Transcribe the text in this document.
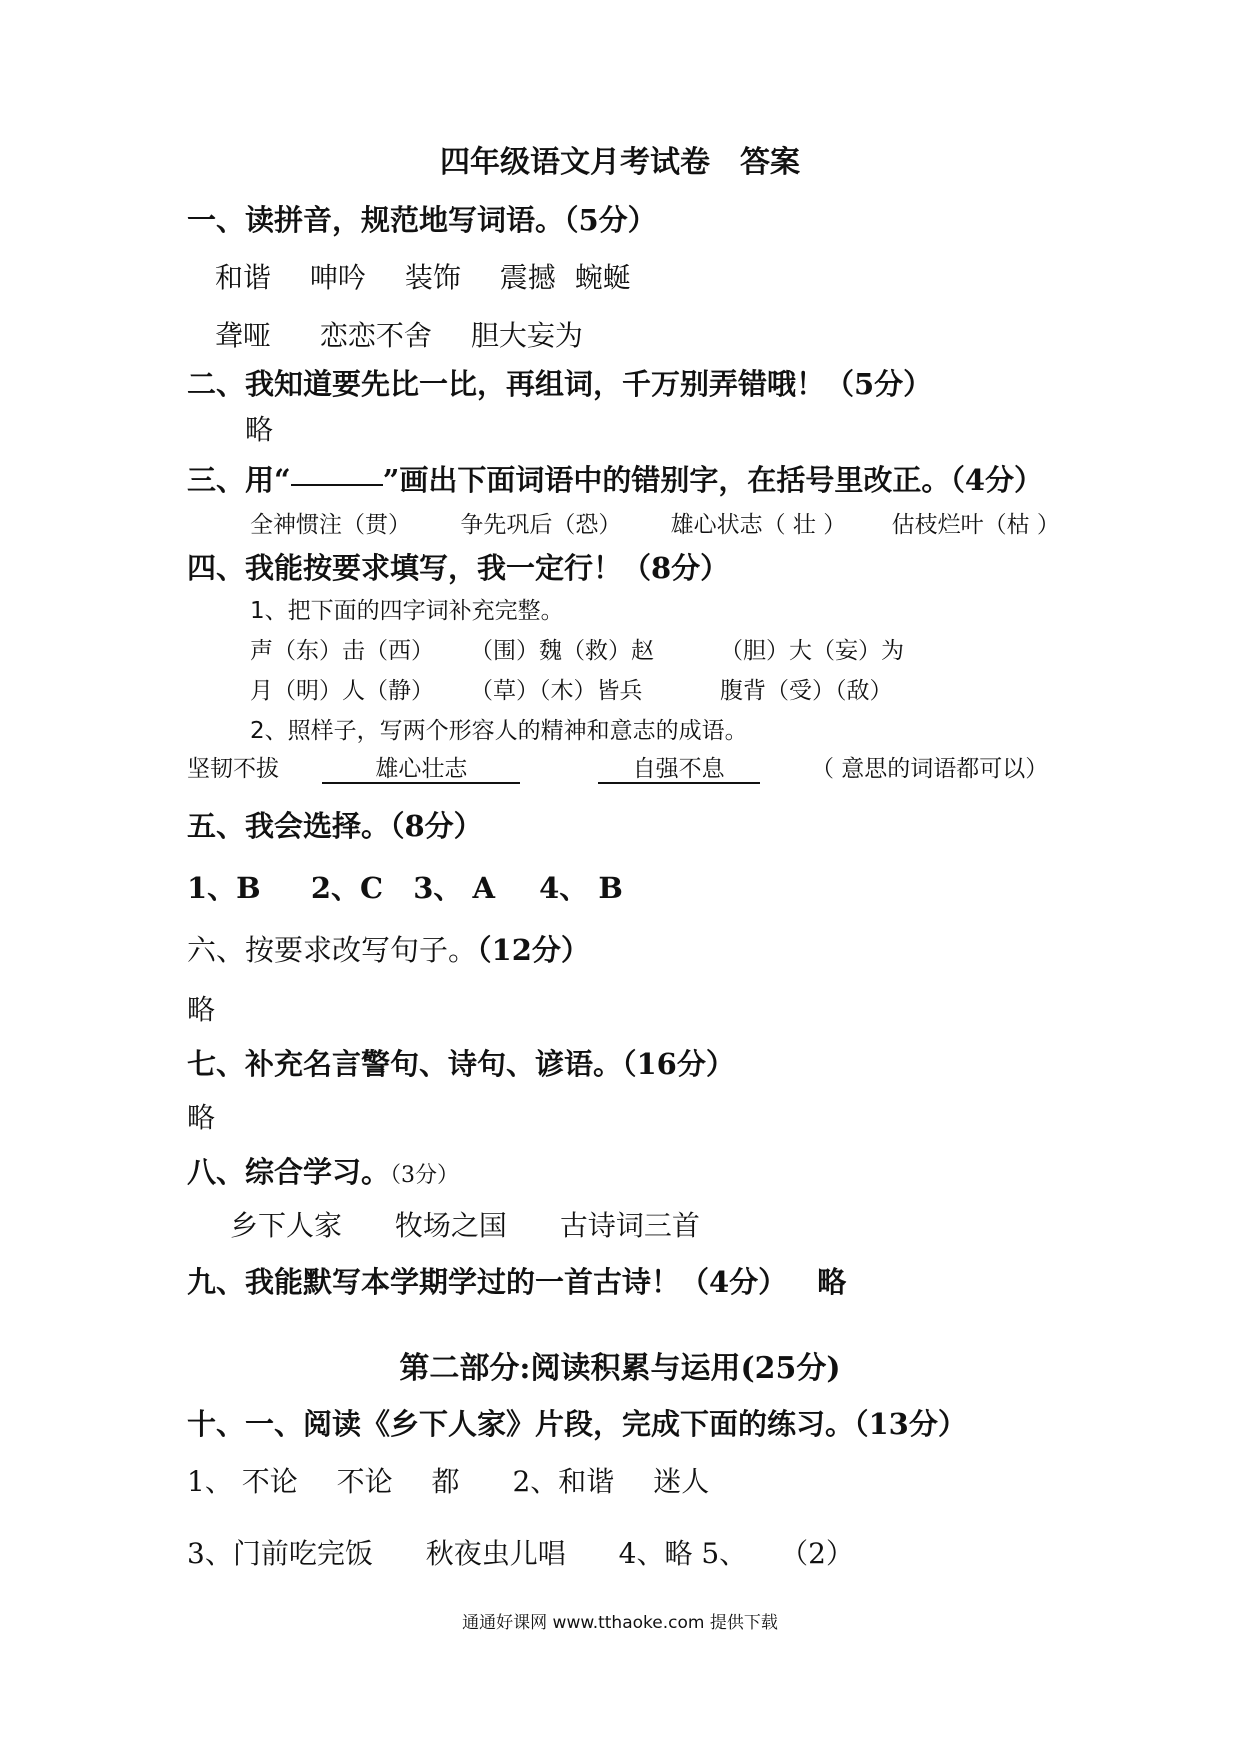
四年级语文月考试卷　答案
一、读拼音，规范地写词语。（5分）
和谐 呻吟 装饰 震撼 蜿蜒
聋哑 恋恋不舍 胆大妄为
二、我知道要先比一比，再组词，千万别弄错哦！（5分）
略
三、用“	”画出下面词语中的错别字，在括号里改正。（4分）
全神惯注（贯） 争先巩后（恐） 雄心状志（ 壮 ） 估枝烂叶（枯 ）
四、我能按要求填写，我一定行！（8分）
1、把下面的四字词补充完整。
声（东）击（西） （围）魏（救）赵	（胆）大（妄）为
月（明）人（静） （草）（木）皆兵	腹背（受）（敌）
2、照样子，写两个形容人的精神和意志的成语。
坚韧不拔	雄心壮志	自强不息	（ 意思的词语都可以）
五、我会选择。（8分）
1、B 2、C 3、 A 4、 B
六、按要求改写句子。（12分）
略
七、补充名言警句、诗句、谚语。（16分）
略
八、综合学习。（3分）
乡下人家 牧场之国 古诗词三首
九、我能默写本学期学过的一首古诗！（4分） 略
第二部分:阅读积累与运用(25分)
十、一、阅读《乡下人家》片段，完成下面的练习。（13分）
1、 不论 不论 都 2、和谐 迷人
3、门前吃完饭 秋夜虫儿唱 4、略 5、 （2）
通通好课网 www.tthaoke.com 提供下载
